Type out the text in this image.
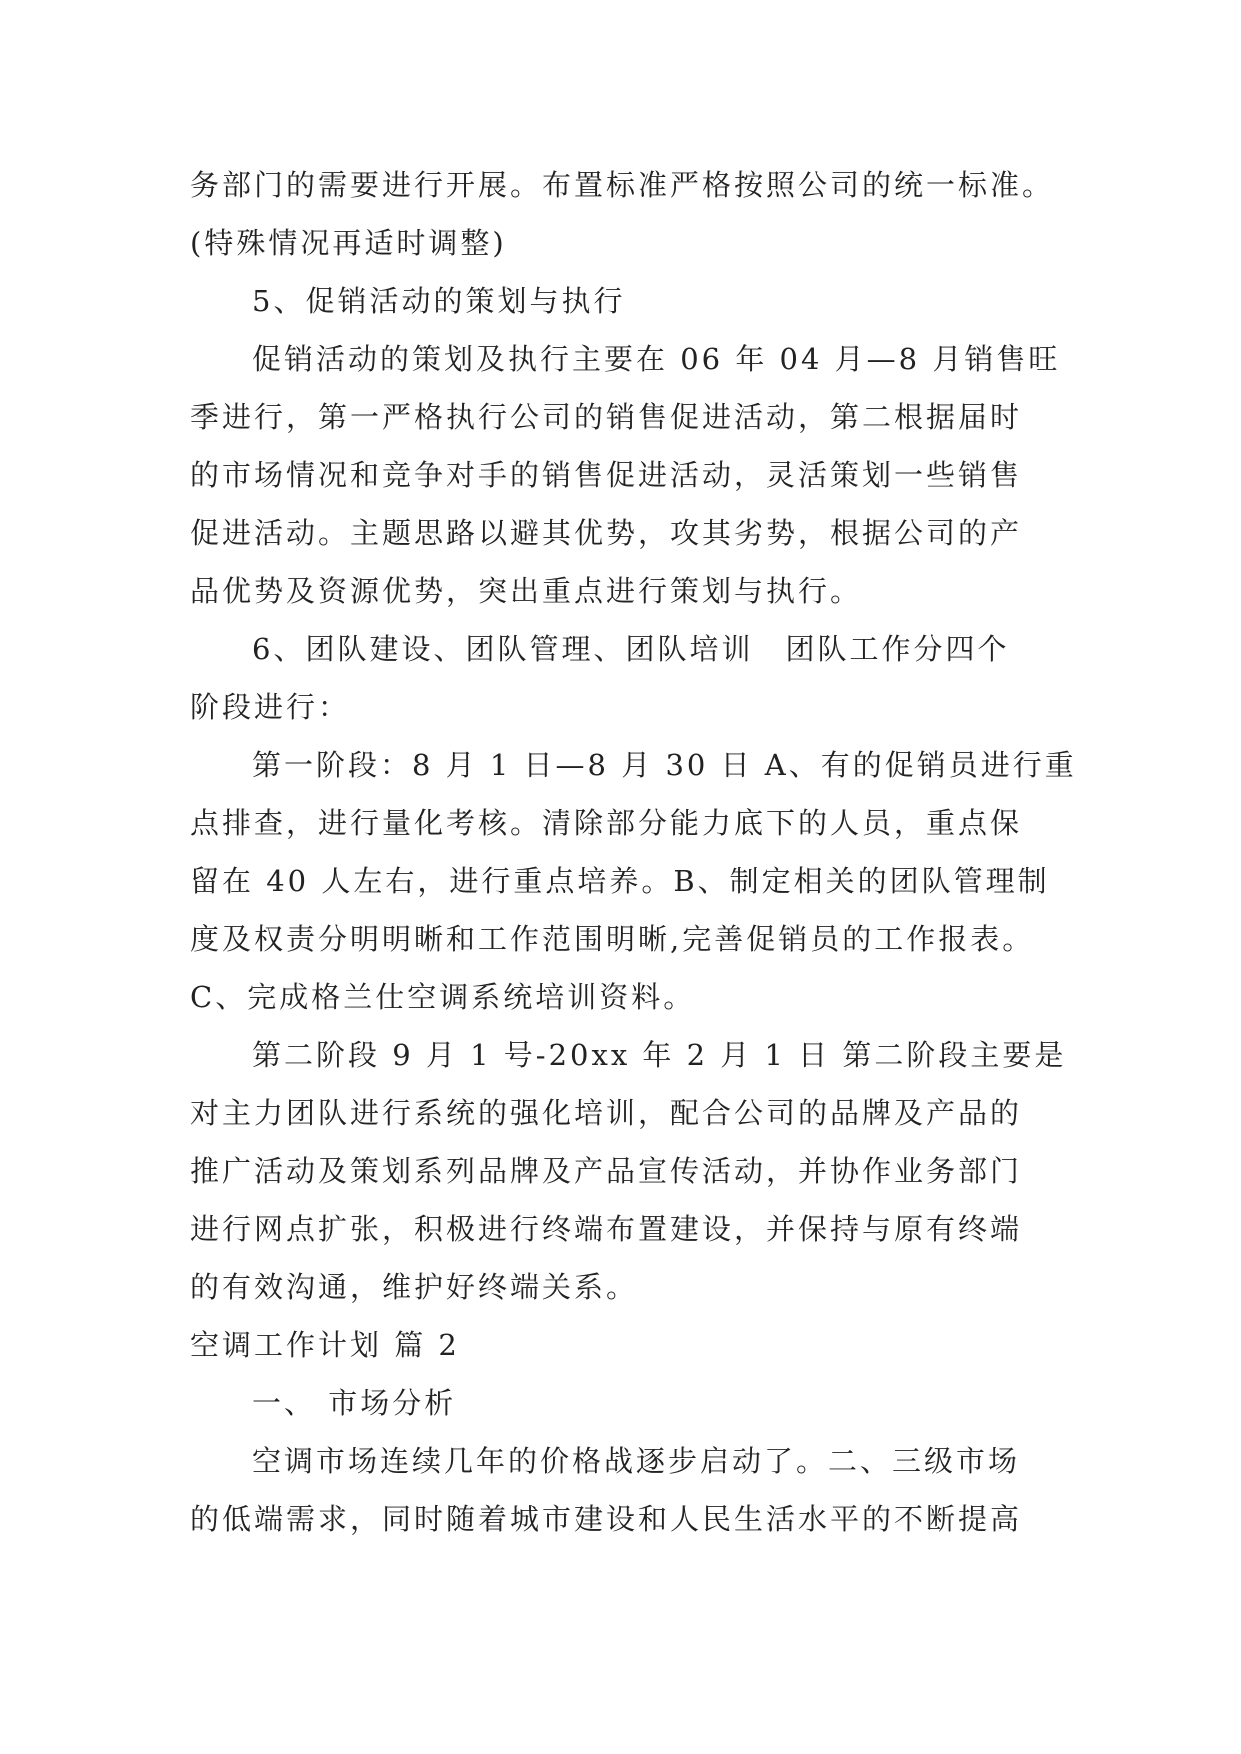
务部门的需要进行开展。布置标准严格按照公司的统一标准。
(特殊情况再适时调整)
5、促销活动的策划与执行
促销活动的策划及执行主要在 06 年 04 月—8 月销售旺
季进行，第一严格执行公司的销售促进活动，第二根据届时
的市场情况和竞争对手的销售促进活动，灵活策划一些销售
促进活动。主题思路以避其优势，攻其劣势，根据公司的产
品优势及资源优势，突出重点进行策划与执行。
6、团队建设、团队管理、团队培训　团队工作分四个
阶段进行：
第一阶段：8 月 1 日—8 月 30 日 A、有的促销员进行重
点排查，进行量化考核。清除部分能力底下的人员，重点保
留在 40 人左右，进行重点培养。B、制定相关的团队管理制
度及权责分明明晰和工作范围明晰,完善促销员的工作报表。
C、完成格兰仕空调系统培训资料。
第二阶段 9 月 1 号-20xx 年 2 月 1 日 第二阶段主要是
对主力团队进行系统的强化培训，配合公司的品牌及产品的
推广活动及策划系列品牌及产品宣传活动，并协作业务部门
进行网点扩张，积极进行终端布置建设，并保持与原有终端
的有效沟通，维护好终端关系。
空调工作计划 篇 2
一、 市场分析
空调市场连续几年的价格战逐步启动了。二、三级市场
的低端需求，同时随着城市建设和人民生活水平的不断提高
